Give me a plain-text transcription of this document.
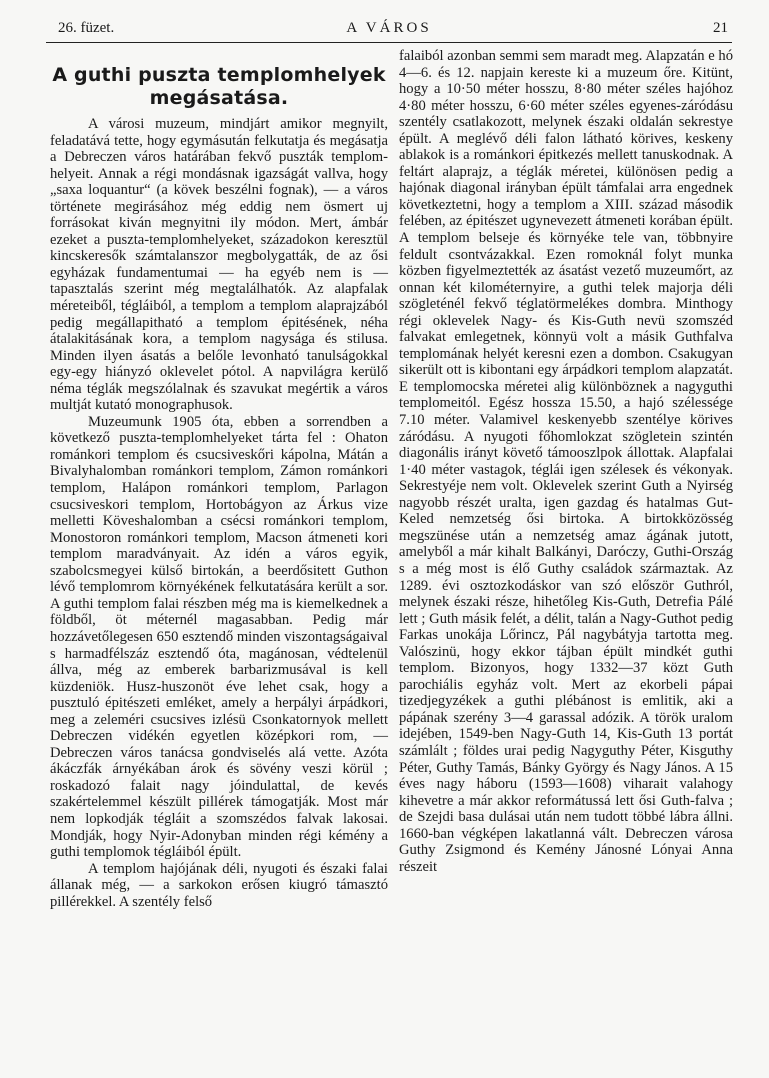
26. füzet.	A VÁROS	21
A guthi puszta templomhelyek megásatása.

A városi muzeum, mindjárt amikor megnyilt, feladatává tette, hogy egymásután felkutatja és megásatja a Debreczen város határában fekvő puszták templom-helyeit. Annak a régi mondásnak igazságát vallva, hogy „saxa loquantur“ (a kövek beszélni fognak), — a város története megirásához még eddig nem ösmert uj forrásokat kiván megnyitni ily módon. Mert, ámbár ezeket a puszta-templomhelyeket, századokon keresztül kincskeresők számtalanszor megbolygatták, de az ősi egyházak fundamentumai — ha egyéb nem is — tapasztalás szerint még megtalálhatók. Az alapfalak méreteiből, tégláiból, a templom a templom alaprajzából pedig megállapitható a templom épitésének, néha átalakitásának kora, a templom nagysága és stilusa. Minden ilyen ásatás a belőle levonható tanulságokkal egy-egy hiányzó oklevelet pótol. A napvilágra kerülő néma téglák megszólalnak és szavukat megértik a város multját kutató monographusok.

Muzeumunk 1905 óta, ebben a sorrendben a következő puszta-templomhelyeket tárta fel : Ohaton románkori templom és csucsiveskőri kápolna, Mátán a Bivalyhalomban románkori templom, Zámon románkori templom, Halápon románkori templom, Parlagon csucsiveskori templom, Hortobágyon az Árkus vize melletti Köveshalomban a csécsi románkori templom, Monostoron románkori templom, Macson átmeneti kori templom maradványait. Az idén a város egyik, szabolcsmegyei külső birtokán, a beerdősitett Guthon lévő templomrom környékének felkutatására került a sor. A guthi templom falai részben még ma is kiemelkednek a földből, öt méternél magasabban. Pedig már hozzávetőlegesen 650 esztendő minden viszontagságaival s harmadfélszáz esztendő óta, magánosan, védtelenül állva, még az emberek barbarizmusával is kell küzdeniök. Husz-huszonöt éve lehet csak, hogy a pusztuló épitészeti emléket, amely a herpályi árpádkori, meg a zeleméri csucsives izlésü Csonkatornyok mellett Debreczen vidékén egyetlen középkori rom, — Debreczen város tanácsa gondviselés alá vette. Azóta ákáczfák árnyékában árok és sövény veszi körül ; roskadozó falait nagy jóindulattal, de kevés szakértelemmel készült pillérek támogatják. Most már nem lopkodják tégláit a szomszédos falvak lakosai. Mondják, hogy Nyir-Adonyban minden régi kémény a guthi templomok tégláiból épült.

A templom hajójának déli, nyugoti és északi falai állanak még, — a sarkokon erősen kiugró támasztó pillérekkel. A szentély felső

falaiból azonban semmi sem maradt meg. Alapzatán e hó 4—6. és 12. napjain kereste ki a muzeum őre. Kitünt, hogy a 10·50 méter hosszu, 8·80 méter széles hajóhoz 4·80 méter hosszu, 6·60 méter széles egyenes-záródásu szentély csatlakozott, melynek északi oldalán sekrestye épült. A meglévő déli falon látható körives, keskeny ablakok is a románkori épitkezés mellett tanuskodnak. A feltárt alaprajz, a téglák méretei, különösen pedig a hajónak diagonal irányban épült támfalai arra engednek következtetni, hogy a templom a XIII. század második felében, az épitészet ugynevezett átmeneti korában épült. A templom belseje és környéke tele van, többnyire feldult csontvázakkal. Ezen romoknál folyt munka közben figyelmeztették az ásatást vezető muzeumőrt, az onnan két kilométernyire, a guthi telek majorja déli szögleténél fekvő téglatörmelékes dombra. Minthogy régi oklevelek Nagy- és Kis-Guth nevü szomszéd falvakat emlegetnek, könnyü volt a másik Guthfalva templomának helyét keresni ezen a dombon. Csakugyan sikerült ott is kibontani egy árpádkori templom alapzatát. E templomocska méretei alig különböznek a nagyguthi templomeitól. Egész hossza 15.50, a hajó szélessége 7.10 méter. Valamivel keskenyebb szentélye körives záródásu. A nyugoti főhomlokzat szögletein szintén diagonális irányt követő támooszlpok állottak. Alapfalai 1·40 méter vastagok, téglái igen szélesek és vékonyak. Sekrestyéje nem volt. Oklevelek szerint Guth a Nyirség nagyobb részét uralta, igen gazdag és hatalmas Gut-Keled nemzetség ősi birtoka. A birtokközösség megszünése után a nemzetség amaz ágának jutott, amelyből a már kihalt Balkányi, Daróczy, Guthi-Ország s a még most is élő Guthy családok származtak. Az 1289. évi osztozkodáskor van szó először Guthról, melynek északi része, hihetőleg Kis-Guth, Detrefia Pálé lett ; Guth másik felét, a délit, talán a Nagy-Guthot pedig Farkas unokája Lőrincz, Pál nagybátyja tartotta meg. Valószinü, hogy ekkor tájban épült mindkét guthi templom. Bizonyos, hogy 1332—37 közt Guth parochiális egyház volt. Mert az ekorbeli pápai tizedjegyzékek a guthi plébánost is emlitik, aki a pápának szerény 3—4 garassal adózik. A török uralom idejében, 1549-ben Nagy-Guth 14, Kis-Guth 13 portát számlált ; földes urai pedig Nagyguthy Péter, Kisguthy Péter, Guthy Tamás, Bánky György és Nagy János. A 15 éves nagy háboru (1593—1608) viharait valahogy kihevetre a már akkor reformátussá lett ősi Guth-falva ; de Szejdi basa dulásai után nem tudott többé lábra állni. 1660-ban végképen lakatlanná vált. Debreczen városa Guthy Zsigmond és Kemény Jánosné Lónyai Anna részeit
